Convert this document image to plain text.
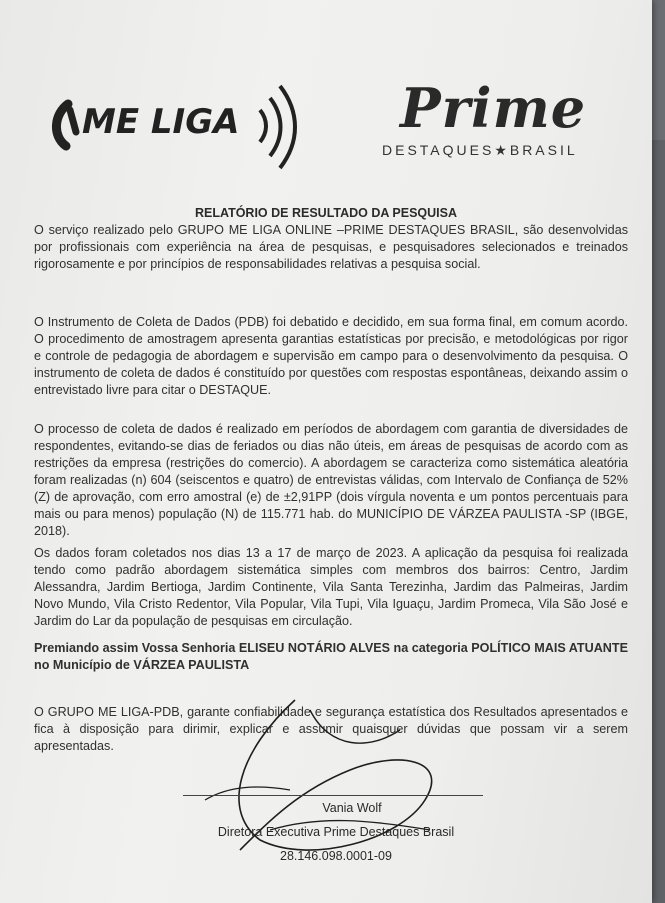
ME LIGA	Prime
DESTAQUES★BRASIL
RELATÓRIO DE RESULTADO DA PESQUISA

O serviço realizado pelo GRUPO ME LIGA ONLINE –PRIME DESTAQUES BRASIL, são desenvolvidas por profissionais com experiência na área de pesquisas, e pesquisadores selecionados e treinados rigorosamente e por princípios de responsabilidades relativas a pesquisa social.

O Instrumento de Coleta de Dados (PDB) foi debatido e decidido, em sua forma final, em comum acordo. O procedimento de amostragem apresenta garantias estatísticas por precisão, e metodológicas por rigor e controle de pedagogia de abordagem e supervisão em campo para o desenvolvimento da pesquisa. O instrumento de coleta de dados é constituído por questões com respostas espontâneas, deixando assim o entrevistado livre para citar o DESTAQUE.

O processo de coleta de dados é realizado em períodos de abordagem com garantia de diversidades de respondentes, evitando-se dias de feriados ou dias não úteis, em áreas de pesquisas de acordo com as restrições da empresa (restrições do comercio). A abordagem se caracteriza como sistemática aleatória foram realizadas (n) 604 (seiscentos e quatro) de entrevistas válidas, com Intervalo de Confiança de 52% (Z) de aprovação, com erro amostral (e) de ±2,91PP (dois vírgula noventa e um pontos percentuais para mais ou para menos) população (N) de 115.771 hab. do MUNICÍPIO DE VÁRZEA PAULISTA -SP (IBGE, 2018).

Os dados foram coletados nos dias 13 a 17 de março de 2023. A aplicação da pesquisa foi realizada tendo como padrão abordagem sistemática simples com membros dos bairros: Centro, Jardim Alessandra, Jardim Bertioga, Jardim Continente, Vila Santa Terezinha, Jardim das Palmeiras, Jardim Novo Mundo, Vila Cristo Redentor, Vila Popular, Vila Tupi, Vila Iguaçu, Jardim Promeca, Vila São José e Jardim do Lar da população de pesquisas em circulação.

Premiando assim Vossa Senhoria ELISEU NOTÁRIO ALVES na categoria POLÍTICO MAIS ATUANTE no Município de VÁRZEA PAULISTA

O GRUPO ME LIGA-PDB, garante confiabilidade e segurança estatística dos Resultados apresentados e fica à disposição para dirimir, explicar e assumir quaisquer dúvidas que possam vir a serem apresentadas.

Vania Wolf
Diretora Executiva Prime Destaques Brasil
28.146.098.0001-09
